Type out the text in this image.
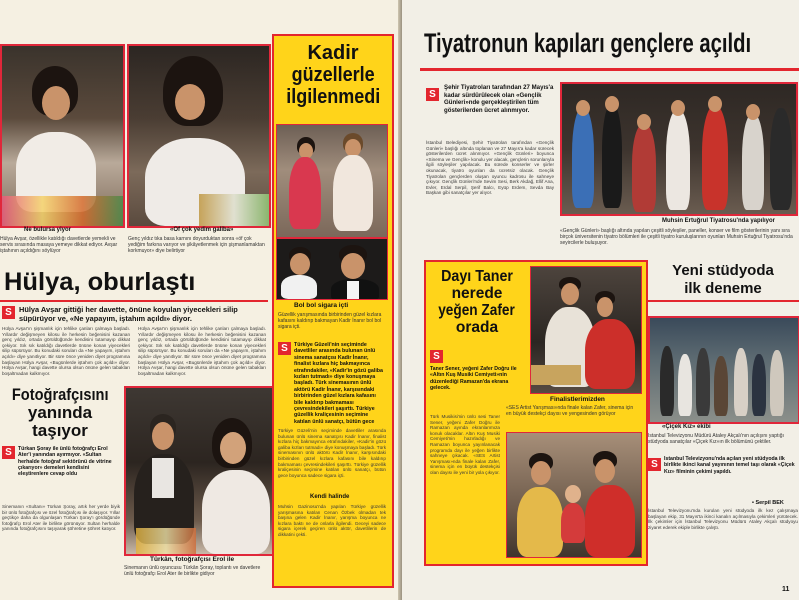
Ne bulursa yiyor
Hülya Avşar, özellikle katıldığı davetlerde yemekli ve servis sırasında masaya yemeye dikkat ediyor. Avşar iştahının açıldığını söylüyor
«Of çok yedim galiba»
Genç yıldız tıka basa karnını doyurduktan sonra «öf çok yediğim farkına varıyor ve şikâyetlenmek için şişmanlamaktan korkmuyor» diye belirtiyor
Hülya, oburlaştı
S Hülya Avşar gittiği her davette, önüne koyulan yiyecekleri silip süpürüyor ve, «Ne yapayım, iştahım açıldı» diyor.
Hülya Avşar'ın şişmanlık için tehlike çanları çalmaya başladı. Yıllardır değişmeyen kilosu ile herkesin beğenisini kazanan genç yıldız, ortada görüldüğünde kendisini tutamayıp dikkat çekiyor. Sık sık katıldığı davetlerde önüne konan yiyecekleri silip süpürüyor. Bu konudaki soruları da «Ne yapayım, iştahım açıldı» diye yanıtlıyor. Bir süre önce yeniden diyet programına başlayan Hülya Avşar, «Bugünlerde iştahım çok açıldı» diyor. Hülya Avşar, hangi davette olursa olsun önüne gelen tabakları boşaltmadan kalkmıyor.
Hülya Avşar'ın şişmanlık için tehlike çanları çalmaya başladı. Yıllardır değişmeyen kilosu ile herkesin beğenisini kazanan genç yıldız, ortada görüldüğünde kendisini tutamayıp dikkat çekiyor. Sık sık katıldığı davetlerde önüne konan yiyecekleri silip süpürüyor. Bu konudaki soruları da «Ne yapayım, iştahım açıldı» diye yanıtlıyor. Bir süre önce yeniden diyet programına başlayan Hülya Avşar, «Bugünlerde iştahım çok açıldı» diyor. Hülya Avşar, hangi davette olursa olsun önüne gelen tabakları boşaltmadan kalkmıyor.
Fotoğrafçısını
yanında
taşıyor
S	Türkan Şoray ile ünlü fotoğrafçı Erol Ater'i yanından ayırmıyor. «Sultan herhalde fotoğraf sektörünü de vitrine çıkarıyor» demeleri kendisini eleştirenlere cevap oldu
Sinemanın «Sultanı» Türkan Şoray, artık her yerde biyik bir ünlü fotoğrafçısı ve özel fotoğrafçısı ile dolaşıyor. Yıllar geçtikçe daha da olgunlaşan Türkan Şoray'ı gördüğünde fotoğrafçı Erol Ater ile birlikte görünüyor. Sultan herhalde yanında fotoğrafçısını taşıyarak şöhretine şöhret katıyor.
Türkân, fotoğrafçısı Erol ile
Sinemanın ünlü oyuncusu Türkân Şoray, toplantı ve davetlere ünlü fotoğrafçı Erol Ater ile birlikte gidiyor
Kadir
güzellerle ilgilenmedi
Bol bol sigara içti
Güzellik yarışmasında birbirinden güzel kızlara kafasını kaldırıp bakmayan Kadir İnanır bol bol sigara içti.
S	Türkiye Güzeli'nin seçiminde davetliler arasında bulunan ünlü sinema sanatçısı Kadir İnanır, finalist kızlara hiç bakmayınca etrafındakiler, «Kadir'in gözü galiba kızları tutmadı» diye konuşmaya başladı. Türk sinemasının ünlü aktörü Kadir İnanır, karşısındaki birbirinden güzel kızlara kafasını bile kaldırıp bakmaması çevresindekileri şaşırttı. Türkiye güzellik kraliçesinin seçimine katılan ünlü sanatçı, bütün gece
Türkiye Güzeli'nin seçiminde davetliler arasında bulunan ünlü sinema sanatçısı Kadir İnanır, finalist kızlara hiç bakmayınca etrafındakiler, «Kadir'in gözü galiba kızları tutmadı» diye konuşmaya başladı. Türk sinemasının ünlü aktörü Kadir İnanır, karşısındaki birbirinden güzel kızlara kafasını bile kaldırıp bakmaması çevresindekileri şaşırttı. Türkiye güzellik kraliçesinin seçimine katılan ünlü sanatçı, bütün gece boyunca sadece sigara içti.
Kendi halinde
Muhsin Gazinosu'nda yapılan Türkiye güzellik yarışmasına katılan Cenan Özbek olmadan tek başına gelen Kadir İnanır, yarışma boyunca ne kızlara baktı ne de onlarla ilgilendi. Geceyi sadece sigara içerek geçiren ünlü aktör, davetlilerin de dikkatini çekti.
Tiyatronun kapıları gençlere açıldı
S
Şehir Tiyatroları tarafından 27 Mayıs'a kadar sürdürülecek olan «Gençlik Günleri»nde gerçekleştirilen tüm gösterilerden ücret alınmıyor.
İstanbul Belediyesi, Şehir Tiyatroları tarafından «Gençlik Günleri» başlığı altında toplanan ve 27 Mayıs'a kadar sürecek gösterilerden ücret alınmıyor. «Gençlik Günleri» boyunca «Sinema ve Gençlik» konulu yer alacak, gençlerin sorunlarıyla ilgili söyleşiler yapılacak. Bu sürede konserler ve şiirler okunacak, tiyatro oyunları da ücretsiz olacak. Gençlik Tiyatroları gençlerden oluşan oyuncu kadrosu ile sahneye çıkıyor. Gençlik Günleri'nde Sevim Sesi, Berk Akdağ, Ellif Ana, Evler, Erdal Serpil, Şerif Balcı, Eyüp Erdem, Sevda Bay Başkan gibi sanatçılar yer alıyor.
Muhsin Ertuğrul Tiyatrosu'nda yapılıyor
«Gençlik Günleri» başlığı altında yapılan çeşitli söyleşiler, paneller, konser ve film gösterilerinin yanı sıra birçok üniversitenin tiyatro bölümleri ile çeşitli tiyatro kuruluşlarının oyunları Muhsin Ertuğrul Tiyatrosu'nda seyircilerle buluşuyor.
Dayı Taner
nerede
yeğen Zafer
orada
S
Taner Sener, yeğeni Zafer Doğru ile «Altın Kuş Musiki Cemiyeti»nin düzenlediği Ramazan'da ekrana gelecek.
Türk Musikisi'nin ünlü sesi Taner Sener, yeğeni Zafer Doğru ile Ramazan ayında ekranlarımıza konuk olacaklar. Altın Kuş Musiki Cemiyeti'nin hazırladığı ve Ramazan boyunca yayınlanacak programda dayı ile yeğen birlikte sahneye çıkacak. «SES Artist Yarışması»nda finale kalan Zafer, sinema için en büyük destekçisi olan dayısı ile yeni bir yola çıkıyor.
Finalistlerimizden
«SES Artist Yarışması»nda finale kalan Zafer, sinema için en büyük destekçi dayısı ve yengesinden görüyor
Yeni stüdyoda
ilk deneme
«Çiçek Kız» ekibi
İstanbul Televizyonu Müdürü Ataley Akçalı'nın açılışını yaptığı stüdyoda sanatçılar «Çiçek Kız»ın ilk bölümünü çektiler.
S	İstanbul Televizyonu'nda açılan yeni stüdyoda ilk birlikte ikinci kanal yayınının temel taşı olarak «Çiçek Kız» filminin çekimi yapıldı.
• Serpil BEK
İstanbul Televizyonu'nda kurulan yeni stüdyoda ilk kez çalışmaya başlayan ekip, 31 Mayıs'ta ikinci kanalın açılmasıyla çekimleri yürütecek. İlk çekimler için İstanbul Televizyonu Müdürü Ataley Akçalı stüdyoyu ziyaret ederek ekiple birlikte çalıştı.
11
